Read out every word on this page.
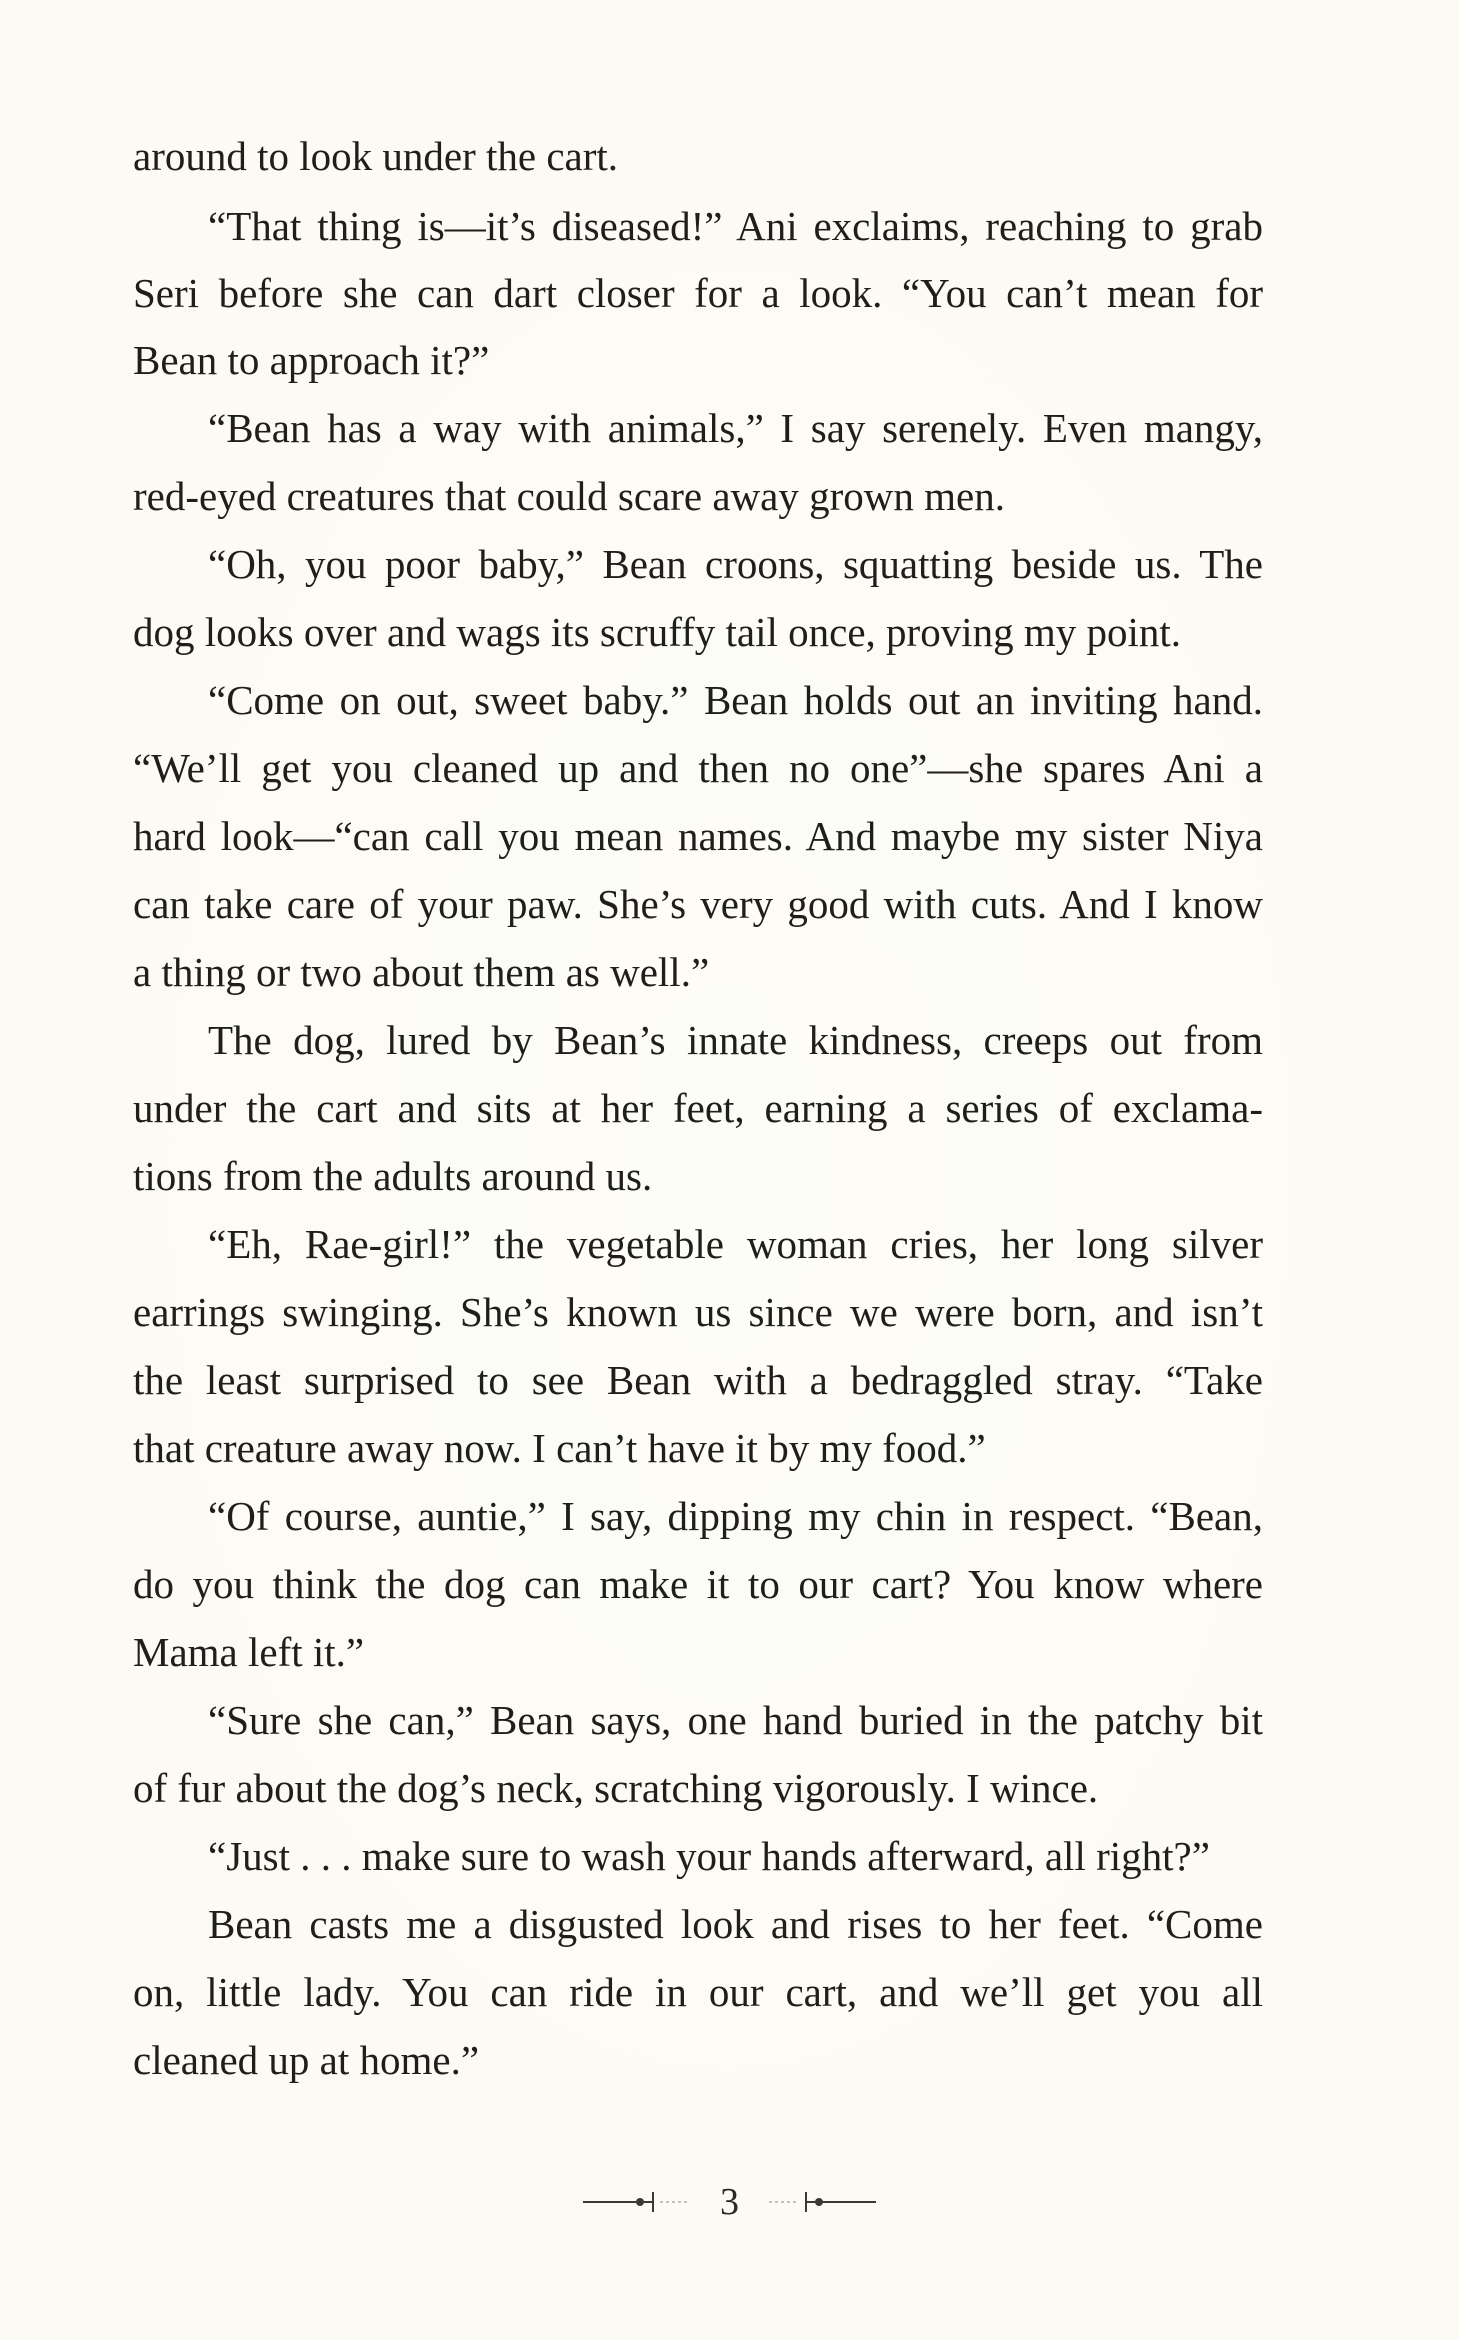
around to look under the cart.
“That thing is—it’s diseased!” Ani exclaims, reaching to grab
Seri before she can dart closer for a look. “You can’t mean for
Bean to approach it?”
“Bean has a way with animals,” I say serenely. Even mangy,
red-eyed creatures that could scare away grown men.
“Oh, you poor baby,” Bean croons, squatting beside us. The
dog looks over and wags its scruffy tail once, proving my point.
“Come on out, sweet baby.” Bean holds out an inviting hand.
“We’ll get you cleaned up and then no one”—she spares Ani a
hard look—“can call you mean names. And maybe my sister Niya
can take care of your paw. She’s very good with cuts. And I know
a thing or two about them as well.”
The dog, lured by Bean’s innate kindness, creeps out from
under the cart and sits at her feet, earning a series of exclama-
tions from the adults around us.
“Eh, Rae-girl!” the vegetable woman cries, her long silver
earrings swinging. She’s known us since we were born, and isn’t
the least surprised to see Bean with a bedraggled stray. “Take
that creature away now. I can’t have it by my food.”
“Of course, auntie,” I say, dipping my chin in respect. “Bean,
do you think the dog can make it to our cart? You know where
Mama left it.”
“Sure she can,” Bean says, one hand buried in the patchy bit
of fur about the dog’s neck, scratching vigorously. I wince.
“Just . . . make sure to wash your hands afterward, all right?”
Bean casts me a disgusted look and rises to her feet. “Come
on, little lady. You can ride in our cart, and we’ll get you all
cleaned up at home.”
3
